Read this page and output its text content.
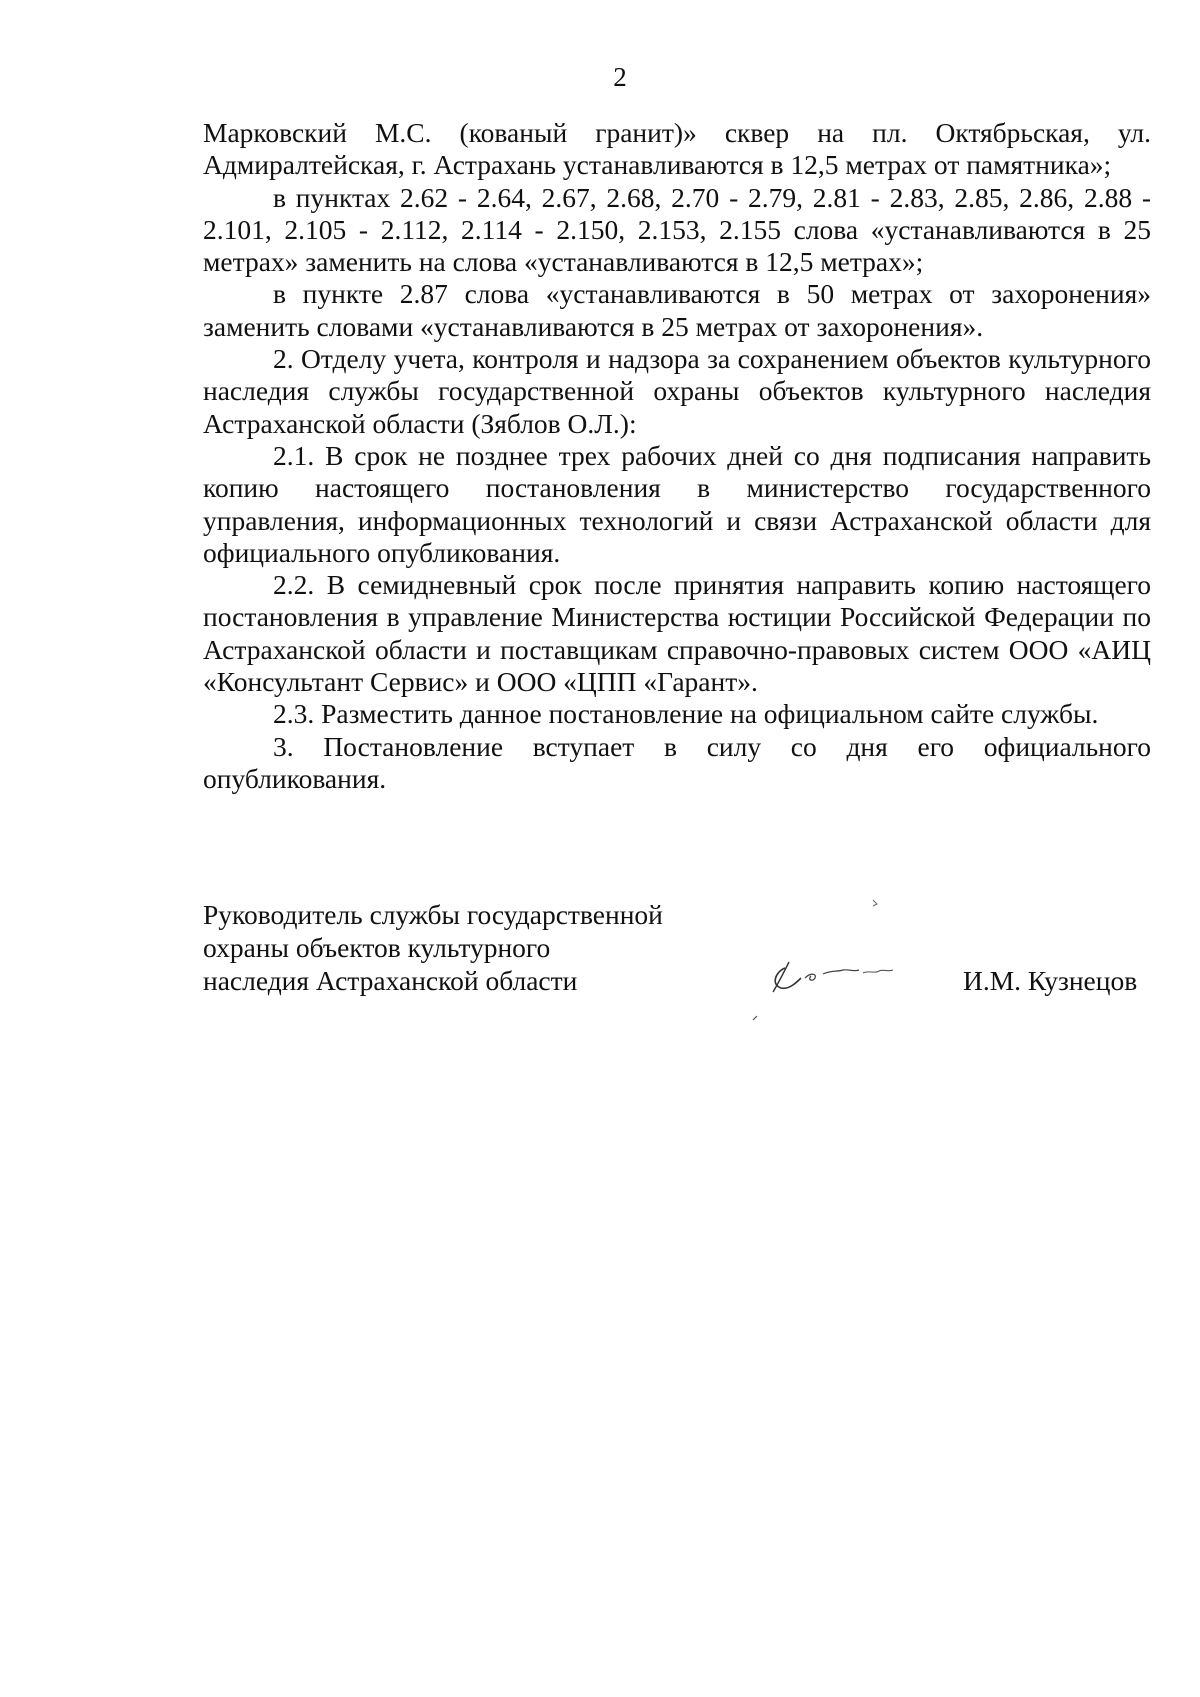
2

Марковский М.С. (кованый гранит)» сквер на пл. Октябрьская, ул. Адмиралтейская, г. Астрахань устанавливаются в 12,5 метрах от памятника»;

в пунктах 2.62 - 2.64, 2.67, 2.68, 2.70 - 2.79, 2.81 - 2.83, 2.85, 2.86, 2.88 - 2.101, 2.105 - 2.112, 2.114 - 2.150, 2.153, 2.155 слова «устанавливаются в 25 метрах» заменить на слова «устанавливаются в 12,5 метрах»;

в пункте 2.87 слова «устанавливаются в 50 метрах от захоронения» заменить словами «устанавливаются в 25 метрах от захоронения».

2. Отделу учета, контроля и надзора за сохранением объектов культурного наследия службы государственной охраны объектов культурного наследия Астраханской области (Зяблов О.Л.):

2.1. В срок не позднее трех рабочих дней со дня подписания направить копию настоящего постановления в министерство государственного управления, информационных технологий и связи Астраханской области для официального опубликования.

2.2. В семидневный срок после принятия направить копию настоящего постановления в управление Министерства юстиции Российской Федерации по Астраханской области и поставщикам справочно-правовых систем ООО «АИЦ «Консультант Сервис» и ООО «ЦПП «Гарант».

2.3. Разместить данное постановление на официальном сайте службы.

3. Постановление вступает в силу со дня его официального опубликования.

Руководитель службы государственной
охраны объектов культурного
наследия Астраханской области	И.М. Кузнецов
